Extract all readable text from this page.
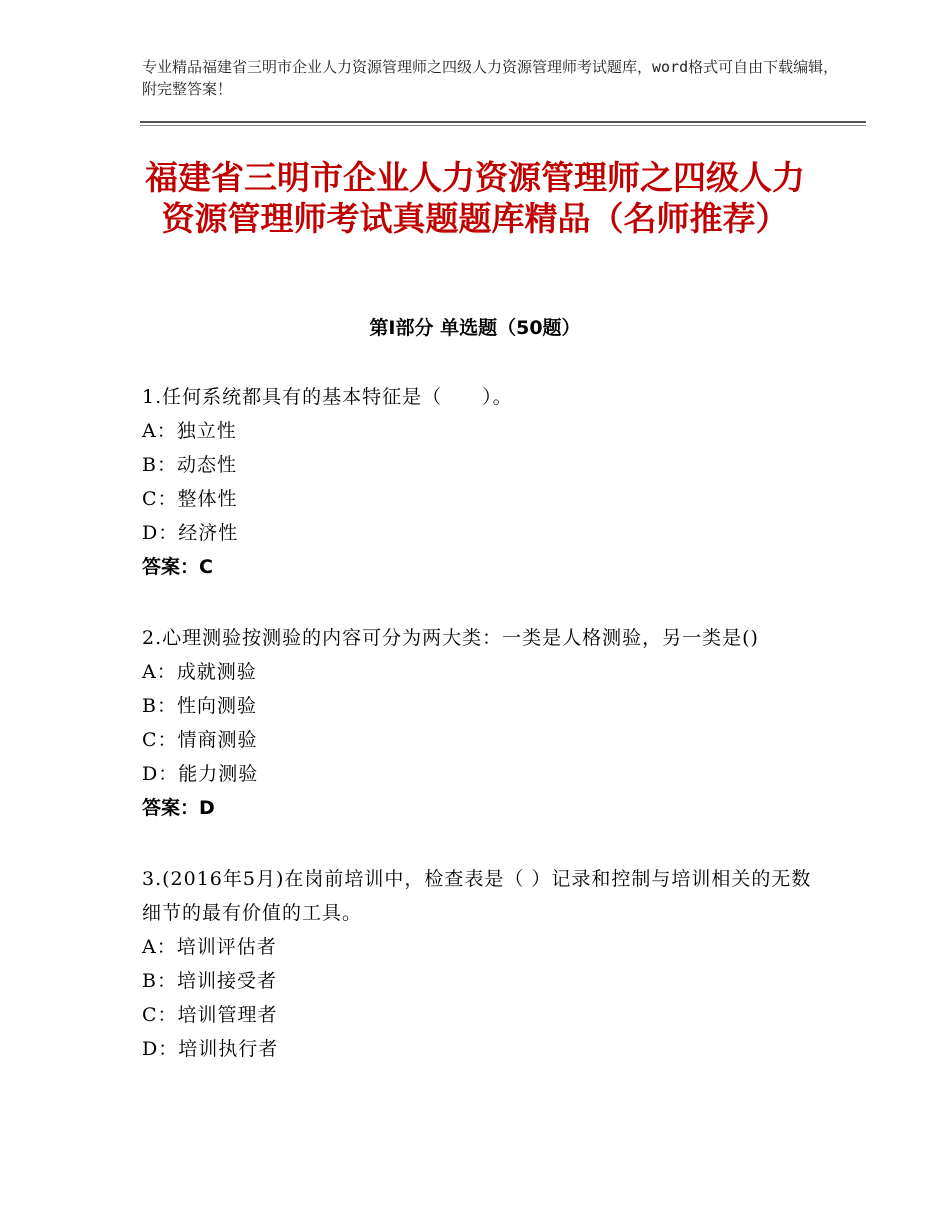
专业精品福建省三明市企业人力资源管理师之四级人力资源管理师考试题库，word格式可自由下载编辑，附完整答案！
福建省三明市企业人力资源管理师之四级人力资源管理师考试真题题库精品（名师推荐）
第Ⅰ部分 单选题（50题）
1.任何系统都具有的基本特征是（　　）。
A：独立性
B：动态性
C：整体性
D：经济性
答案：C
2.心理测验按测验的内容可分为两大类：一类是人格测验，另一类是()
A：成就测验
B：性向测验
C：情商测验
D：能力测验
答案：D
3.(2016年5月)在岗前培训中，检查表是（ ）记录和控制与培训相关的无数细节的最有价值的工具。
A：培训评估者
B：培训接受者
C：培训管理者
D：培训执行者
